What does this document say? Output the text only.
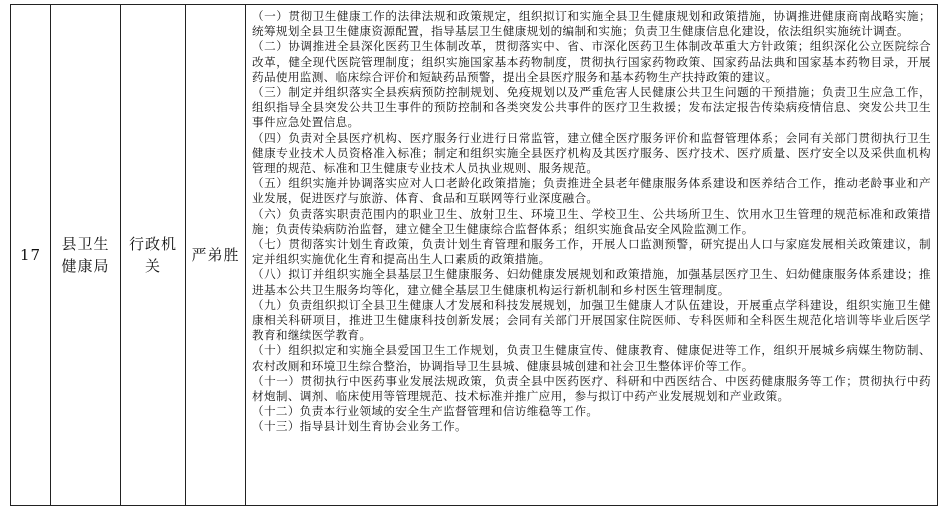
17
县卫生
健康局
行政机
关
严弟胜

（一）贯彻卫生健康工作的法律法规和政策规定，组织拟订和实施全县卫生健康规划和政策措施，协调推进健康商南战略实施；统筹规划全县卫生健康资源配置，指导基层卫生健康规划的编制和实施；负责卫生健康信息化建设，依法组织实施统计调查。

（二）协调推进全县深化医药卫生体制改革，贯彻落实中、省、市深化医药卫生体制改革重大方针政策；组织深化公立医院综合改革，健全现代医院管理制度；组织实施国家基本药物制度，贯彻执行国家药物政策、国家药品法典和国家基本药物目录，开展药品使用监测、临床综合评价和短缺药品预警，提出全县医疗服务和基本药物生产扶持政策的建议。

（三）制定并组织落实全县疾病预防控制规划、免疫规划以及严重危害人民健康公共卫生问题的干预措施；负责卫生应急工作，组织指导全县突发公共卫生事件的预防控制和各类突发公共事件的医疗卫生救援；发布法定报告传染病疫情信息、突发公共卫生事件应急处置信息。

（四）负责对全县医疗机构、医疗服务行业进行日常监管，建立健全医疗服务评价和监督管理体系；会同有关部门贯彻执行卫生健康专业技术人员资格准入标准；制定和组织实施全县医疗机构及其医疗服务、医疗技术、医疗质量、医疗安全以及采供血机构管理的规范、标准和卫生健康专业技术人员执业规则、服务规范。

（五）组织实施并协调落实应对人口老龄化政策措施；负责推进全县老年健康服务体系建设和医养结合工作，推动老龄事业和产业发展，促进医疗与旅游、体育、食品和互联网等行业深度融合。

（六）负责落实职责范围内的职业卫生、放射卫生、环境卫生、学校卫生、公共场所卫生、饮用水卫生管理的规范标准和政策措施；负责传染病防治监督，建立健全卫生健康综合监督体系；组织实施食品安全风险监测工作。

（七）贯彻落实计划生育政策，负责计划生育管理和服务工作，开展人口监测预警，研究提出人口与家庭发展相关政策建议，制定并组织实施优化生育和提高出生人口素质的政策措施。

（八）拟订并组织实施全县基层卫生健康服务、妇幼健康发展规划和政策措施，加强基层医疗卫生、妇幼健康服务体系建设；推进基本公共卫生服务均等化，建立健全基层卫生健康机构运行新机制和乡村医生管理制度。

（九）负责组织拟订全县卫生健康人才发展和科技发展规划，加强卫生健康人才队伍建设，开展重点学科建设，组织实施卫生健康相关科研项目，推进卫生健康科技创新发展；会同有关部门开展国家住院医师、专科医师和全科医生规范化培训等毕业后医学教育和继续医学教育。

（十）组织拟定和实施全县爱国卫生工作规划，负责卫生健康宣传、健康教育、健康促进等工作，组织开展城乡病媒生物防制、农村改厕和环境卫生综合整治，协调指导卫生县城、健康县城创建和社会卫生整体评价等工作。

（十一）贯彻执行中医药事业发展法规政策，负责全县中医药医疗、科研和中西医结合、中医药健康服务等工作；贯彻执行中药材炮制、调剂、临床使用等管理规范、技术标准并推广应用，参与拟订中药产业发展规划和产业政策。

（十二）负责本行业领域的安全生产监督管理和信访维稳等工作。

（十三）指导县计划生育协会业务工作。
